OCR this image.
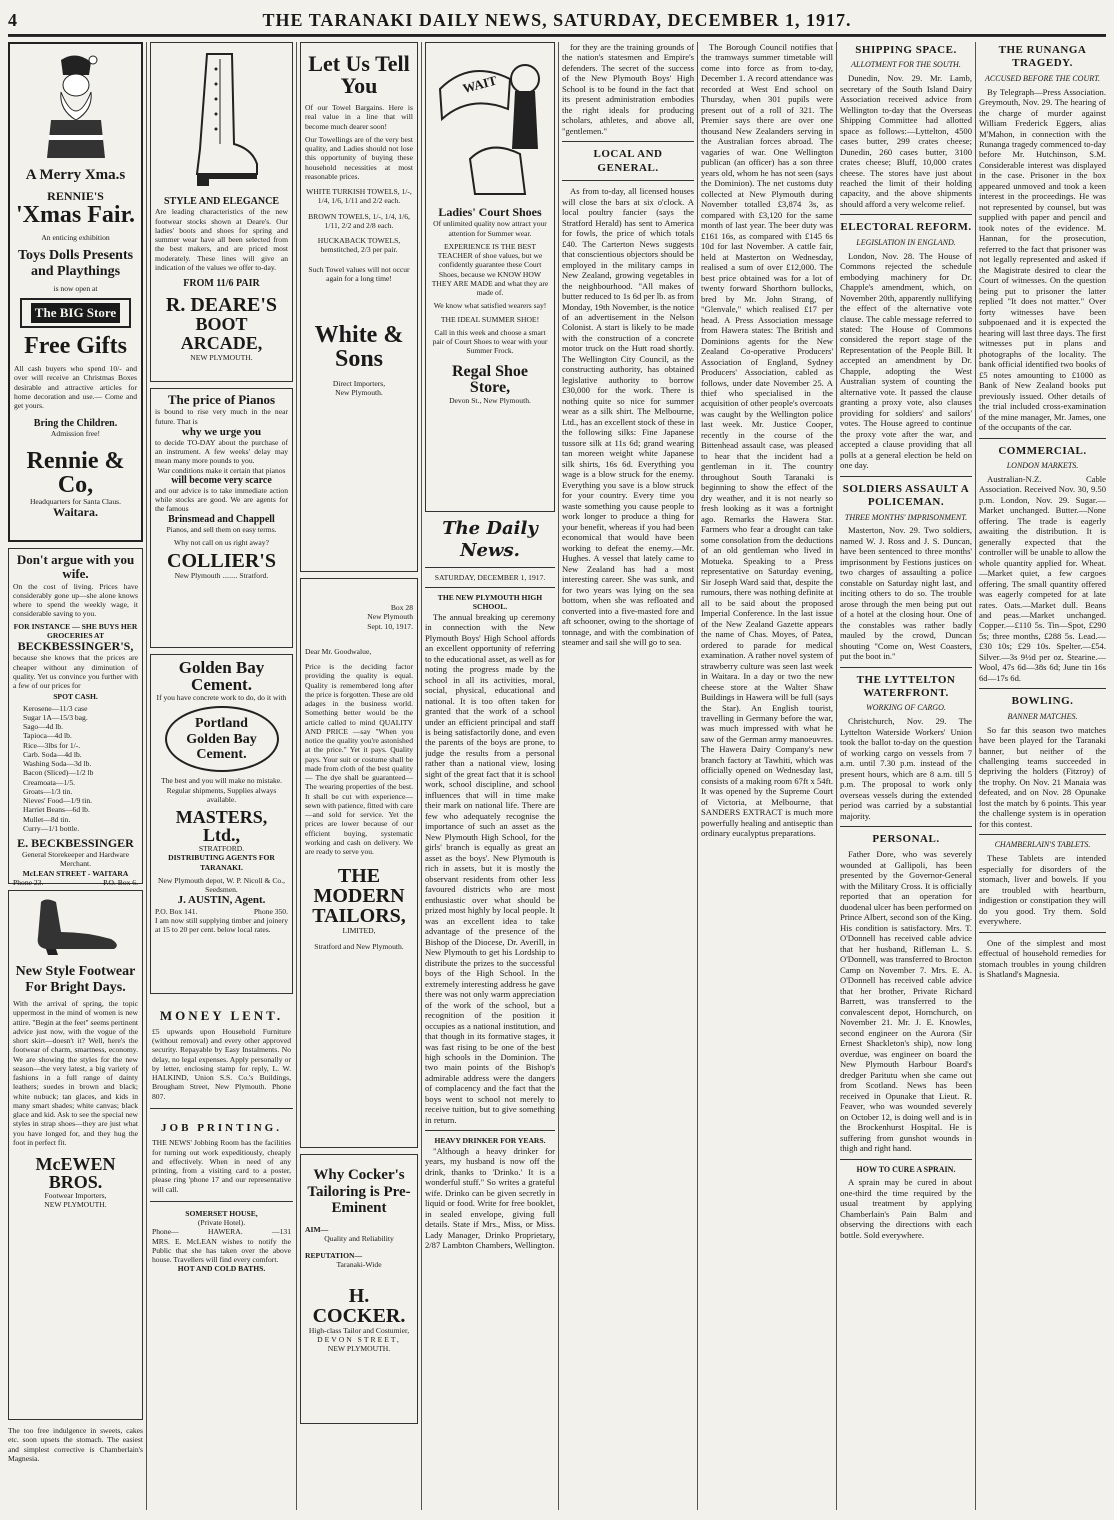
4	THE TARANAKI DAILY NEWS, SATURDAY, DECEMBER 1, 1917.
A Merry Xma.s
RENNIE'S
'Xmas Fair.
An enticing exhibition
Toys Dolls Presents and Playthings
is now open at
The BIG Store
Free Gifts
All cash buyers who spend 10/- and over will receive an Christmas Boxes desirable and attractive articles for home decoration and use.— Come and get yours.
Bring the Children.
Admission free!
Rennie & Co,
Headquarters for Santa Claus.
Waitara.
Don't argue with you wife.
On the cost of living. Prices have considerably gone up—she alone knows where to spend the weekly wage, it considerable saving to you.
FOR INSTANCE — SHE BUYS HER GROCERIES AT
BECKBESSINGER'S,
because she knows that the prices are cheaper without any diminution of quality. Yet us convince you further with a few of our prices for
SPOT CASH.
Kerosene—11/3 case
Sugar 1A—15/3 bag.
Sago—4d lb.
Tapioca—4d lb.
Rice—3lbs for 1/-.
Carb. Soda—4d lb.
Washing Soda—3d lb.
Bacon (Sliced)—1/2 lb
Creamoata—1/5.
Groats—1/3 tin.
Nieves' Food—1/9 tin.
Harriet Beans—6d lb.
Mullet—8d tin.
Curry—1/1 bottle.
E. BECKBESSINGER
General Storekeeper and Hardware Merchant.
McLEAN STREET - WAITARA
Phone 23.	P.O. Box 6.
New Style Footwear For Bright Days.
With the arrival of spring, the topic uppermost in the mind of women is new attire. "Begin at the feet" seems pertinent advice just now, with the vogue of the short skirt—doesn't it? Well, here's the footwear of charm, smartness, economy. We are showing the styles for the new season—the very latest, a big variety of fashions in a full range of dainty leathers; suedes in brown and black; white nubuck; tan glaces, and kids in many smart shades; white canvas; black glace and kid. Ask to see the special new styles in strap shoes—they are just what you have longed for, and they hug the foot in perfect fit.
McEWEN BROS.
Footwear Importers,
NEW PLYMOUTH.
The too free indulgence in sweets, cakes etc. soon upsets the stomach. The easiest and simplest corrective is Chamberlain's Magnesia.
STYLE AND ELEGANCE
Are leading characteristics of the new footwear stocks shown at Deare's. Our ladies' boots and shoes for spring and summer wear have all been selected from the best makers, and are priced most moderately. These lines will give an indication of the values we offer to-day.
FROM 11/6 PAIR
R. DEARE'S
BOOT ARCADE,
NEW PLYMOUTH.
The price of Pianos
is bound to rise very much in the near future. That is
why we urge you
to decide TO-DAY about the purchase of an instrument. A few weeks' delay may mean many more pounds to you.
War conditions make it certain that pianos
will become very scarce
and our advice is to take immediate action while stocks are good. We are agents for the famous
Brinsmead and Chappell
Pianos, and sell them on easy terms.
Why not call on us right away?
COLLIER'S
New Plymouth ........ Stratford.
Golden Bay Cement.
If you have concrete work to do, do it with
Portland Golden Bay Cement.
The best and you will make no mistake. Regular shipments, Supplies always available.
MASTERS, Ltd.,
STRATFORD.
DISTRIBUTING AGENTS FOR TARANAKI.
New Plymouth depot, W. P. Nicoll & Co., Seedsmen.
J. AUSTIN, Agent.
P.O. Box 141.	Phone 350.
I am now still supplying timber and joinery at 15 to 20 per cent. below local rates.
MONEY LENT.
£5 upwards upon Household Furniture (without removal) and every other approved security. Repayable by Easy Instalments. No delay, no legal expenses. Apply personally or by letter, enclosing stamp for reply, L. W. HALKIND, Union S.S. Co.'s Buildings, Brougham Street, New Plymouth. Phone 807.
JOB PRINTING.
THE NEWS' Jobbing Room has the facilities for turning out work expeditiously, cheaply and effectively. When in need of any printing, from a visiting card to a poster, please ring 'phone 17 and our representative will call.
SOMERSET HOUSE,
(Private Hotel).
Phone—	HAWERA.	—131
MRS. E. McLEAN wishes to notify the Public that she has taken over the above house. Travellers will find every comfort.
HOT AND COLD BATHS.
Let Us Tell You
Of our Towel Bargains. Here is real value in a line that will become much dearer soon!
Our Towellings are of the very best quality, and Ladies should not lose this opportunity of buying these household necessities at most reasonable prices.
WHITE TURKISH TOWELS, 1/-, 1/4, 1/6, 1/11 and 2/2 each.
BROWN TOWELS, 1/-, 1/4, 1/6, 1/11, 2/2 and 2/8 each.
HUCKABACK TOWELS, hemstitched, 2/3 per pair.
Such Towel values will not occur again for a long time!
White & Sons
Direct Importers,
New Plymouth.
Box 28
New Plymouth
Sept. 10, 1917.
Dear Mr. Goodwalue,
Price is the deciding factor providing the quality is equal. Quality is remembered long after the price is forgotten. These are old adages in the business world. Something better would be the article called to mind QUALITY AND PRICE —say "When you notice the quality you're astonished at the price." Yet it pays. Quality pays. Your suit or costume shall be made from cloth of the best quality — The dye shall be guaranteed—The wearing properties of the best. It shall be cut with experience—sewn with patience, fitted with care—and sold for service. Yet the prices are lower because of our efficient buying, systematic working and cash on delivery. We are ready to serve you.
THE MODERN TAILORS,
LIMITED,
Stratford and New Plymouth.
Why Cocker's Tailoring is Pre-Eminent
AIM—
Quality and Reliability
REPUTATION—
Taranaki-Wide
H. COCKER.
High-class Tailor and Costumier,
DEVON STREET,
NEW PLYMOUTH.
Ladies' Court Shoes
Of unlimited quality now attract your attention for Summer wear.
EXPERIENCE IS THE BEST TEACHER of shoe values, but we confidently guarantee these Court Shoes, because we KNOW HOW THEY ARE MADE and what they are made of.
We know what satisfied wearers say!
THE IDEAL SUMMER SHOE!
Call in this week and choose a smart pair of Court Shoes to wear with your Summer Frock.
Regal Shoe Store,
Devon St., New Plymouth.
The Daily News.
SATURDAY, DECEMBER 1, 1917.
THE NEW PLYMOUTH HIGH SCHOOL.
The annual breaking up ceremony in connection with the New Plymouth Boys' High School affords an excellent opportunity of referring to the educational asset, as well as for noting the progress made by the school in all its activities, moral, social, physical, educational and national. It is too often taken for granted that the work of a school under an efficient principal and staff is being satisfactorily done, and even the parents of the boys are prone, to judge the results from a personal rather than a national view, losing sight of the great fact that it is school work, school discipline, and school influences that will in time make their mark on national life. There are few who adequately recognise the importance of such an asset as the New Plymouth High School, for the girls' branch is equally as great an asset as the boys'. New Plymouth is rich in assets, but it is mostly the observant residents from other less favoured districts who are most enthusiastic over what should be prized most highly by local people. It was an excellent idea to take advantage of the presence of the Bishop of the Diocese, Dr. Averill, in New Plymouth to get his Lordship to distribute the prizes to the successful boys of the High School. In the extremely interesting address he gave there was not only warm appreciation of the work of the school, but a recognition of the position it occupies as a national institution, and that though in its formative stages, it was fast rising to be one of the best high schools in the Dominion. The two main points of the Bishop's admirable address were the dangers of complacency and the fact that the boys went to school not merely to receive tuition, but to give something in return.
HEAVY DRINKER FOR YEARS.
"Although a heavy drinker for years, my husband is now off the drink, thanks to 'Drinko.' It is a wonderful stuff." So writes a grateful wife. Drinko can be given secretly in liquid or food. Write for free booklet, in sealed envelope, giving full details. State if Mrs., Miss, or Miss. Lady Manager, Drinko Proprietary, 2/87 Lambton Chambers, Wellington.
for they are the training grounds of the nation's statesmen and Empire's defenders. The secret of the success of the New Plymouth Boys' High School is to be found in the fact that its present administration embodies the right ideals for producing scholars, athletes, and above all, "gentlemen."
LOCAL AND GENERAL.
As from to-day, all licensed houses will close the bars at six o'clock. A local poultry fancier (says the Stratford Herald) has sent to America for fowls, the price of which totals £40. The Carterton News suggests that conscientious objectors should be employed in the military camps in New Zealand, growing vegetables in the neighbourhood. "All makes of butter reduced to 1s 6d per lb. as from Monday, 19th November, is the notice of an advertisement in the Nelson Colonist. A start is likely to be made with the construction of a concrete motor truck on the Hutt road shortly. The Wellington City Council, as the constructing authority, has obtained legislative authority to borrow £30,000 for the work. There is nothing quite so nice for summer wear as a silk shirt. The Melbourne, Ltd., has an excellent stock of these in the following silks: Fine Japanese tussore silk at 11s 6d; grand wearing tan moreen weight white Japanese silk shirts, 16s 6d. Everything you wage is a blow struck for the enemy. Everything you save is a blow struck for your country. Every time you waste something you cause people to work longer to produce a thing for your benefit, whereas if you had been economical that would have been working to defeat the enemy.—Mr. Hughes. A vessel that lately came to New Zealand has had a most interesting career. She was sunk, and for two years was lying on the sea bottom, when she was refloated and converted into a five-masted fore and aft schooner, owing to the shortage of tonnage, and with the combination of steamer and sail she will go to sea.
The Borough Council notifies that the tramways summer timetable will come into force as from to-day, December 1. A record attendance was recorded at West End school on Thursday, when 301 pupils were present out of a roll of 321. The Premier says there are over one thousand New Zealanders serving in the Australian forces abroad. The vagaries of war. One Wellington publican (an officer) has a son three years old, whom he has not seen (says the Dominion). The net customs duty collected at New Plymouth during November totalled £3,874 3s, as compared with £3,120 for the same month of last year. The beer duty was £161 16s, as compared with £145 6s 10d for last November. A cattle fair, held at Masterton on Wednesday, realised a sum of over £12,000. The best price obtained was for a lot of twenty forward Shorthorn bullocks, bred by Mr. John Strang, of "Glenvale," which realised £17 per head. A Press Association message from Hawera states: The British and Dominions agents for the New Zealand Co-operative Producers' Association of England, Sydney Producers' Association, cabled as follows, under date November 25. A thief who specialised in the acquisition of other people's overcoats was caught by the Wellington police last week. Mr. Justice Cooper, recently in the course of the Bittenhead assault case, was pleased to hear that the incident had a gentleman in it. The country throughout South Taranaki is beginning to show the effect of the dry weather, and it is not nearly so fresh looking as it was a fortnight ago. Remarks the Hawera Star. Farmers who fear a drought can take some consolation from the deductions of an old gentleman who lived in Motueka. Speaking to a Press representative on Saturday evening, Sir Joseph Ward said that, despite the rumours, there was nothing definite at all to be said about the proposed Imperial Conference. In the last issue of the New Zealand Gazette appears the name of Chas. Moyes, of Patea, ordered to parade for medical examination. A rather novel system of strawberry culture was seen last week in Waitara. In a day or two the new cheese store at the Walter Shaw Buildings in Hawera will be full (says the Star). An English tourist, travelling in Germany before the war, was much impressed with what he saw of the German army manoeuvres. The Hawera Dairy Company's new branch factory at Tawhiti, which was officially opened on Wednesday last, consists of a making room 67ft x 54ft. It was opened by the Supreme Court of Victoria, at Melbourne, that SANDERS EXTRACT is much more powerfully healing and antiseptic than ordinary eucalyptus preparations.
SHIPPING SPACE.
ALLOTMENT FOR THE SOUTH.
Dunedin, Nov. 29. Mr. Lamb, secretary of the South Island Dairy Association received advice from Wellington to-day that the Overseas Shipping Committee had allotted space as follows:—Lyttelton, 4500 cases butter, 299 crates cheese; Dunedin, 260 cases butter, 3100 crates cheese; Bluff, 10,000 crates cheese. The stores have just about reached the limit of their holding capacity, and the above shipments should afford a very welcome relief.
ELECTORAL REFORM.
LEGISLATION IN ENGLAND.
London, Nov. 28. The House of Commons rejected the schedule embodying machinery for Dr. Chapple's amendment, which, on November 20th, apparently nullifying the effect of the alternative vote clause. The cable message referred to stated: The House of Commons considered the report stage of the Representation of the People Bill. It accepted an amendment by Dr. Chapple, adopting the West Australian system of counting the alternative vote. It passed the clause granting a proxy vote, also clauses providing for soldiers' and sailors' votes. The House agreed to continue the proxy vote after the war, and accepted a clause providing that all polls at a general election be held on one day.
SOLDIERS ASSAULT A POLICEMAN.
THREE MONTHS' IMPRISONMENT.
Masterton, Nov. 29. Two soldiers, named W. J. Ross and J. S. Duncan, have been sentenced to three months' imprisonment by Festions justices on two charges of assaulting a police constable on Saturday night last, and inciting others to do so. The trouble arose through the men being put out of a hotel at the closing hour. One of the constables was rather badly mauled by the crowd, Duncan shouting "Come on, West Coasters, put the boot in."
THE LYTTELTON WATERFRONT.
WORKING OF CARGO.
Christchurch, Nov. 29. The Lyttelton Waterside Workers' Union took the ballot to-day on the question of working cargo on vessels from 7 a.m. until 7.30 p.m. instead of the present hours, which are 8 a.m. till 5 p.m. The proposal to work only overseas vessels during the extended period was carried by a substantial majority.
PERSONAL.
Father Dore, who was severely wounded at Gallipoli, has been presented by the Governor-General with the Military Cross. It is officially reported that an operation for duodenal ulcer has been performed on Prince Albert, second son of the King. His condition is satisfactory. Mrs. T. O'Donnell has received cable advice that her husband, Rifleman L. S. O'Donnell, was transferred to Brocton Camp on November 7. Mrs. E. A. O'Donnell has received cable advice that her brother, Private Richard Barrett, was transferred to the convalescent depot, Hornchurch, on November 21. Mr. J. E. Knowles, second engineer on the Aurora (Sir Ernest Shackleton's ship), now long overdue, was engineer on board the New Plymouth Harbour Board's dredger Paritutu when she came out from Scotland. News has been received in Opunake that Lieut. R. Feaver, who was wounded severely on October 12, is doing well and is in the Brockenhurst Hospital. He is suffering from gunshot wounds in thigh and right hand.
HOW TO CURE A SPRAIN.
A sprain may be cured in about one-third the time required by the usual treatment by applying Chamberlain's Pain Balm and observing the directions with each bottle. Sold everywhere.
THE RUNANGA TRAGEDY.
ACCUSED BEFORE THE COURT.
By Telegraph—Press Association. Greymouth, Nov. 29. The hearing of the charge of murder against William Frederick Eggers, alias M'Mahon, in connection with the Runanga tragedy commenced to-day before Mr. Hutchinson, S.M. Considerable interest was displayed in the case. Prisoner in the box appeared unmoved and took a keen interest in the proceedings. He was not represented by counsel, but was supplied with paper and pencil and took notes of the evidence. M. Hannan, for the prosecution, referred to the fact that prisoner was not legally represented and asked if the Magistrate desired to clear the Court of witnesses. On the question being put to prisoner the latter replied "It does not matter." Over forty witnesses have been subpoenaed and it is expected the hearing will last three days. The first witnesses put in plans and photographs of the locality. The bank official identified two books of £5 notes amounting to £1000 as Bank of New Zealand books put previously issued. Other details of the trial included cross-examination of the mine manager, Mr. James, one of the occupants of the car.
COMMERCIAL.
LONDON MARKETS.
Australian-N.Z. Cable Association. Received Nov. 30, 9.50 p.m. London, Nov. 29. Sugar.—Market unchanged. Butter.—None offering. The trade is eagerly awaiting the distribution. It is generally expected that the controller will be unable to allow the whole quantity applied for. Wheat.—Market quiet, a few cargoes offering. The small quantity offered was eagerly competed for at late rates. Oats.—Market dull. Beans and peas.—Market unchanged. Copper.—£110 5s. Tin—Spot, £290 5s; three months, £288 5s. Lead.—£30 10s; £29 10s. Spelter.—£54. Silver.—3s 9½d per oz. Stearine.—Wool, 47s 6d—38s 6d; June tin 16s 6d—17s 6d.
BOWLING.
BANNER MATCHES.
So far this season two matches have been played for the Taranaki banner, but neither of the challenging teams succeeded in depriving the holders (Fitzroy) of the trophy. On Nov. 21 Manaia was defeated, and on Nov. 28 Opunake lost the match by 6 points. This year the challenge system is in operation for this contest.
CHAMBERLAIN'S TABLETS.
These Tablets are intended especially for disorders of the stomach, liver and bowels. If you are troubled with heartburn, indigestion or constipation they will do you good. Try them. Sold everywhere.
One of the simplest and most effectual of household remedies for stomach troubles in young children is Shatland's Magnesia.
